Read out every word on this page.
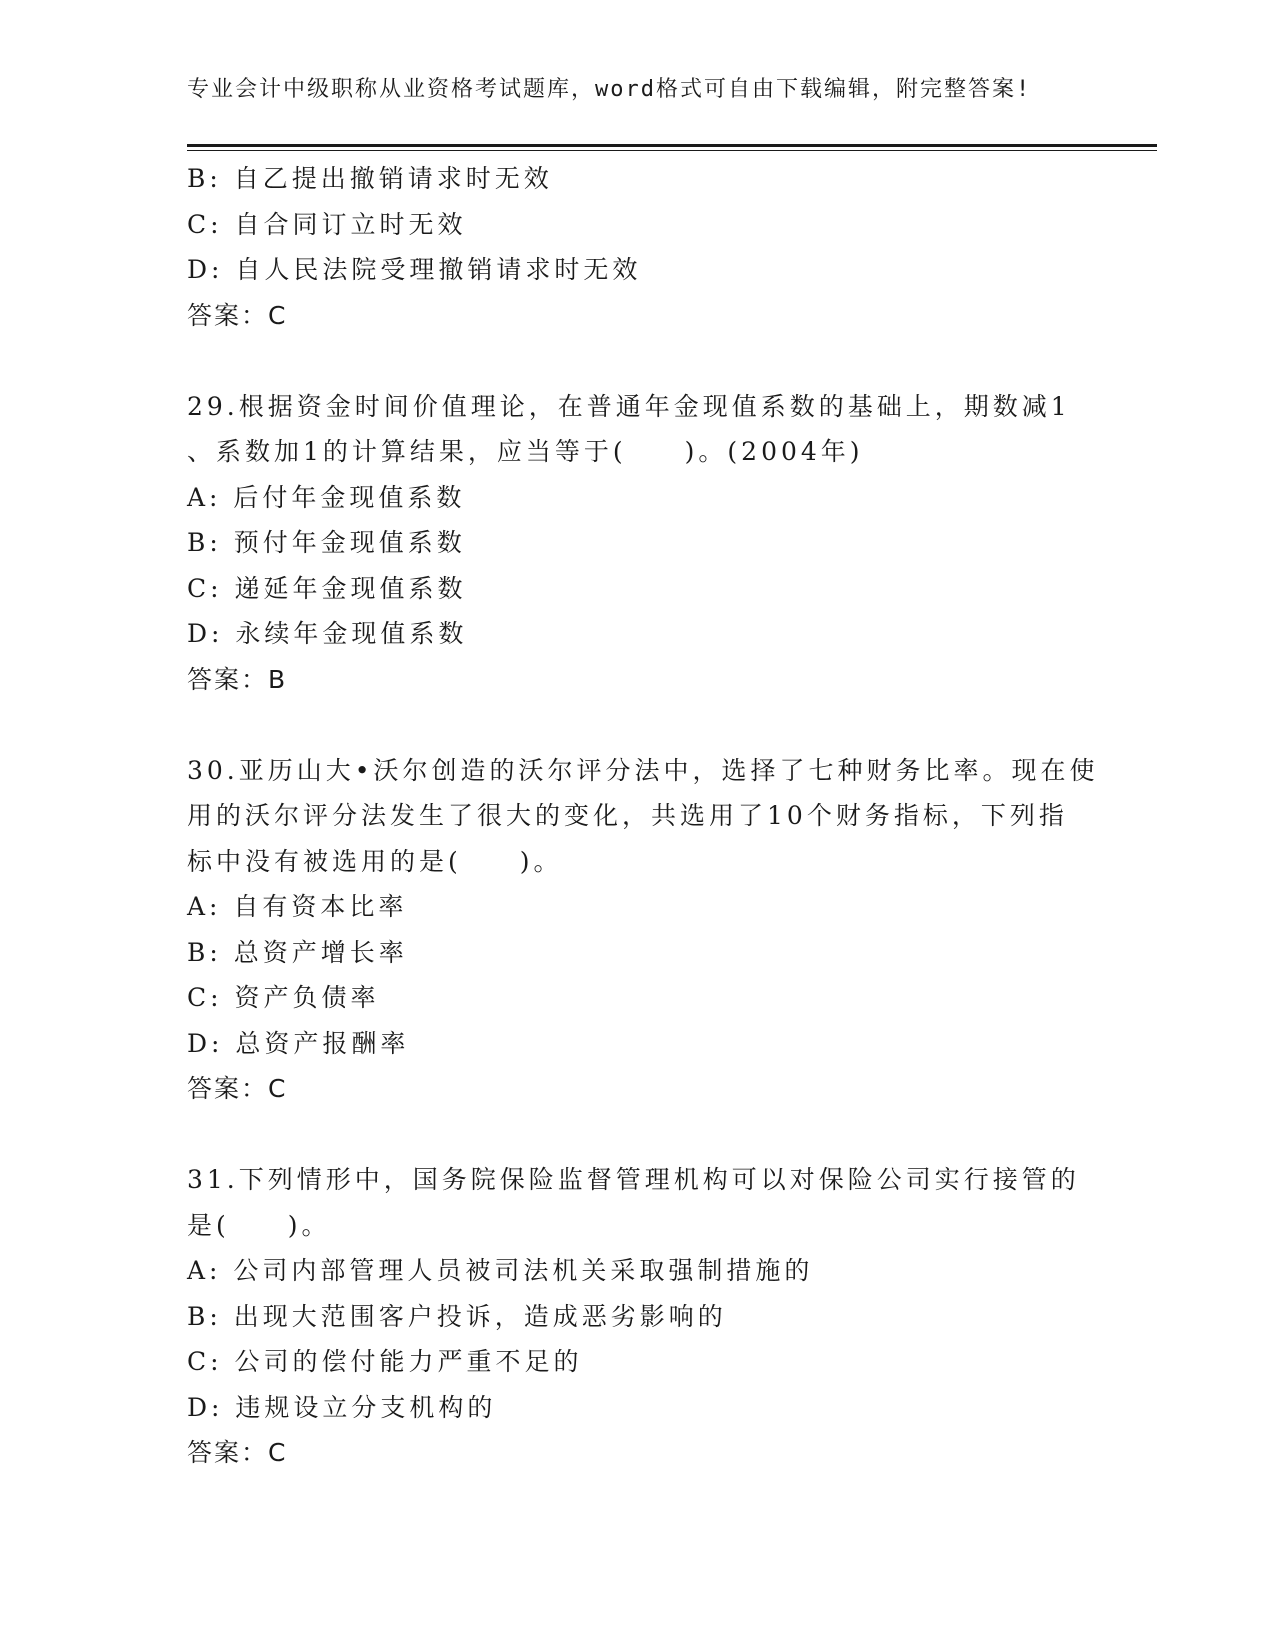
专业会计中级职称从业资格考试题库，word格式可自由下载编辑，附完整答案!
B: 自乙提出撤销请求时无效
C: 自合同订立时无效
D: 自人民法院受理撤销请求时无效
答案：C
29.根据资金时间价值理论，在普通年金现值系数的基础上，期数减1
、系数加1的计算结果，应当等于(　　)。(2004年)
A: 后付年金现值系数
B: 预付年金现值系数
C: 递延年金现值系数
D: 永续年金现值系数
答案：B
30.亚历山大•沃尔创造的沃尔评分法中，选择了七种财务比率。现在使
用的沃尔评分法发生了很大的变化，共选用了10个财务指标，下列指
标中没有被选用的是(　　)。
A: 自有资本比率
B: 总资产增长率
C: 资产负债率
D: 总资产报酬率
答案：C
31.下列情形中，国务院保险监督管理机构可以对保险公司实行接管的
是(　　)。
A: 公司内部管理人员被司法机关采取强制措施的
B: 出现大范围客户投诉，造成恶劣影响的
C: 公司的偿付能力严重不足的
D: 违规设立分支机构的
答案：C
